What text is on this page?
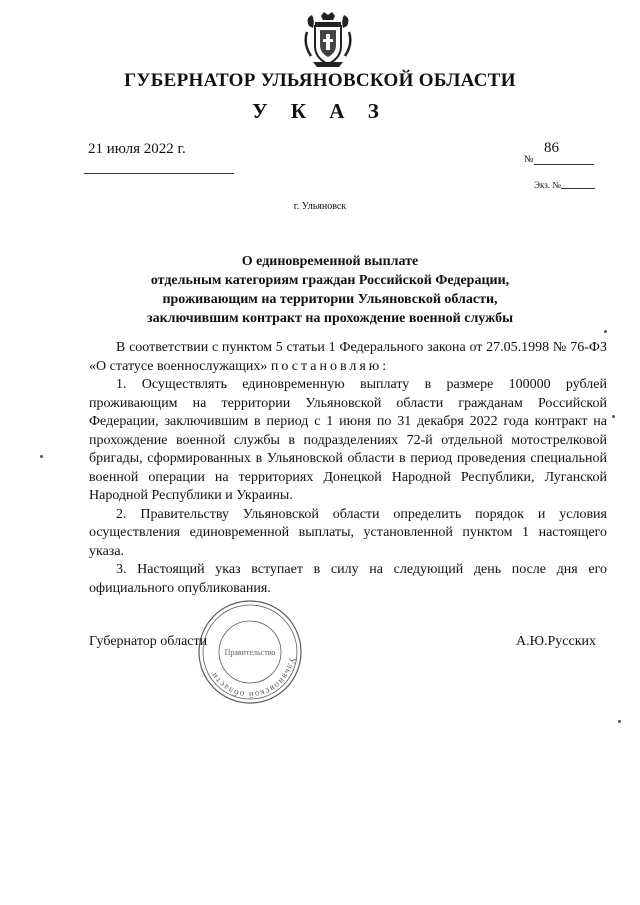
ГУБЕРНАТОР УЛЬЯНОВСКОЙ ОБЛАСТИ
У К А З
21 июля 2022 г.	86
№
Экз. №
г. Ульяновск
О единовременной выплате
отдельным категориям граждан Российской Федерации,
проживающим на территории Ульяновской области,
заключившим контракт на прохождение военной службы

В соответствии с пунктом 5 статьи 1 Федерального закона от 27.05.1998 № 76-ФЗ «О статусе военнослужащих» постановляю:

1. Осуществлять единовременную выплату в размере 100000 рублей проживающим на территории Ульяновской области гражданам Российской Федерации, заключившим в период с 1 июня по 31 декабря 2022 года контракт на прохождение военной службы в подразделениях 72-й отдельной мотострелковой бригады, сформированных в Ульяновской области в период проведения специальной военной операции на территориях Донецкой Народной Республики, Луганской Народной Республики и Украины.

2. Правительству Ульяновской области определить порядок и условия осуществления единовременной выплаты, установленной пунктом 1 настоящего указа.

3. Настоящий указ вступает в силу на следующий день после дня его официального опубликования.

Ульяновской области
Правительство
Губернатор области	А.Ю.Русских
